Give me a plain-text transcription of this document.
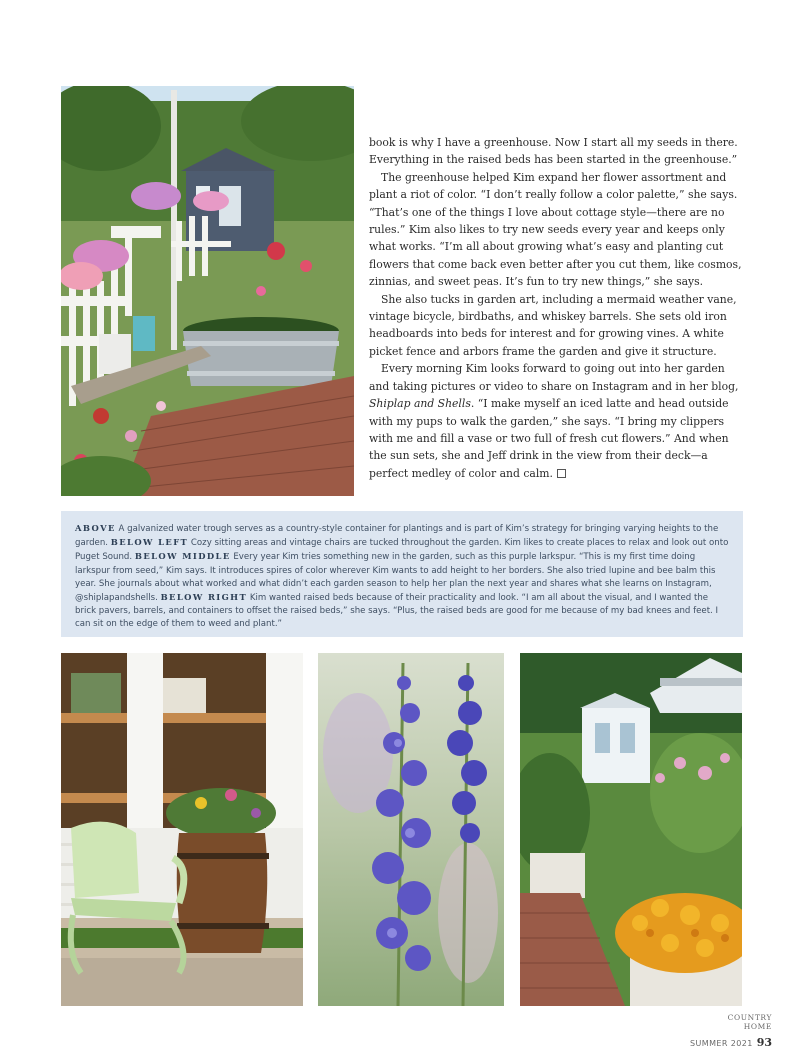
book is why I have a greenhouse. Now I start all my seeds in there. Everything in the raised beds has been started in the greenhouse.”

The greenhouse helped Kim expand her flower assortment and plant a riot of color. “I don’t really follow a color palette,” she says. “That’s one of the things I love about cottage style—there are no rules.” Kim also likes to try new seeds every year and keeps only what works. “I’m all about growing what’s easy and planting cut flowers that come back even better after you cut them, like cosmos, zinnias, and sweet peas. It’s fun to try new things,” she says.

She also tucks in garden art, including a mermaid weather vane, vintage bicycle, birdbaths, and whiskey barrels. She sets old iron headboards into beds for interest and for growing vines. A white picket fence and arbors frame the garden and give it structure.

Every morning Kim looks forward to going out into her garden and taking pictures or video to share on Instagram and in her blog, Shiplap and Shells. “I make myself an iced latte and head outside with my pups to walk the garden,” she says. “I bring my clippers with me and fill a vase or two full of fresh cut flowers.” And when the sun sets, she and Jeff drink in the view from their deck—a perfect medley of color and calm.

ABOVE A galvanized water trough serves as a country-style container for plantings and is part of Kim’s strategy for bringing varying heights to the garden. BELOW LEFT Cozy sitting areas and vintage chairs are tucked throughout the garden. Kim likes to create places to relax and look out onto Puget Sound. BELOW MIDDLE Every year Kim tries something new in the garden, such as this purple larkspur. “This is my first time doing larkspur from seed,” Kim says. It introduces spires of color wherever Kim wants to add height to her borders. She also tried lupine and bee balm this year. She journals about what worked and what didn’t each garden season to help her plan the next year and shares what she learns on Instagram, @shiplapandshells. BELOW RIGHT Kim wanted raised beds because of their practicality and look. “I am all about the visual, and I wanted the brick pavers, barrels, and containers to offset the raised beds,” she says. “Plus, the raised beds are good for me because of my bad knees and feet. I can sit on the edge of them to weed and plant.”
COUNTRY
HOME
SUMMER 2021 93
